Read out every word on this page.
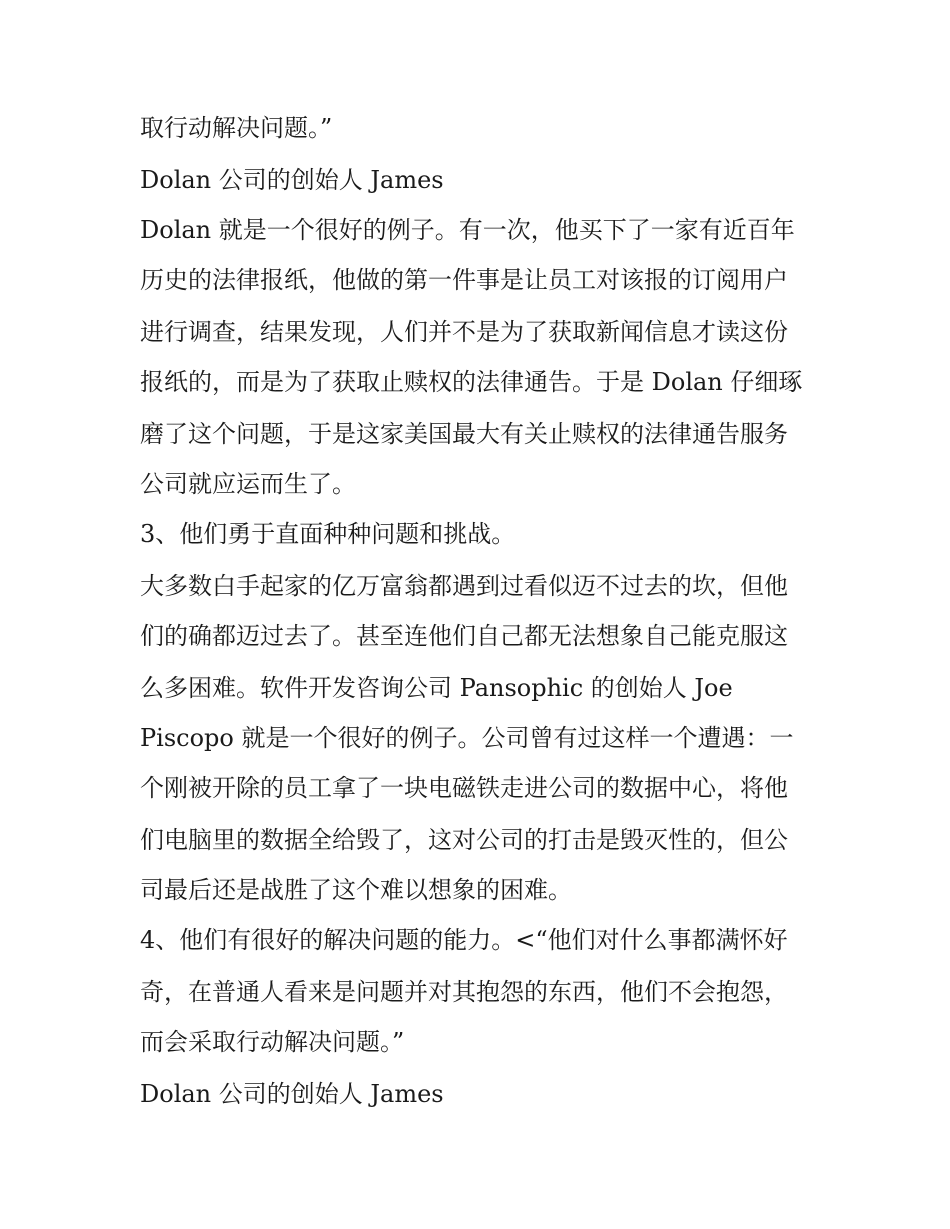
取行动解决问题。”
Dolan 公司的创始人 James
Dolan 就是一个很好的例子。有一次，他买下了一家有近百年
历史的法律报纸，他做的第一件事是让员工对该报的订阅用户
进行调查，结果发现，人们并不是为了获取新闻信息才读这份
报纸的，而是为了获取止赎权的法律通告。于是 Dolan 仔细琢
磨了这个问题，于是这家美国最大有关止赎权的法律通告服务
公司就应运而生了。
3、他们勇于直面种种问题和挑战。
大多数白手起家的亿万富翁都遇到过看似迈不过去的坎，但他
们的确都迈过去了。甚至连他们自己都无法想象自己能克服这
么多困难。软件开发咨询公司 Pansophic 的创始人 Joe
Piscopo 就是一个很好的例子。公司曾有过这样一个遭遇：一
个刚被开除的员工拿了一块电磁铁走进公司的数据中心，将他
们电脑里的数据全给毁了，这对公司的打击是毁灭性的，但公
司最后还是战胜了这个难以想象的困难。
4、他们有很好的解决问题的能力。<“他们对什么事都满怀好
奇，在普通人看来是问题并对其抱怨的东西，他们不会抱怨，
而会采取行动解决问题。”
Dolan 公司的创始人 James
